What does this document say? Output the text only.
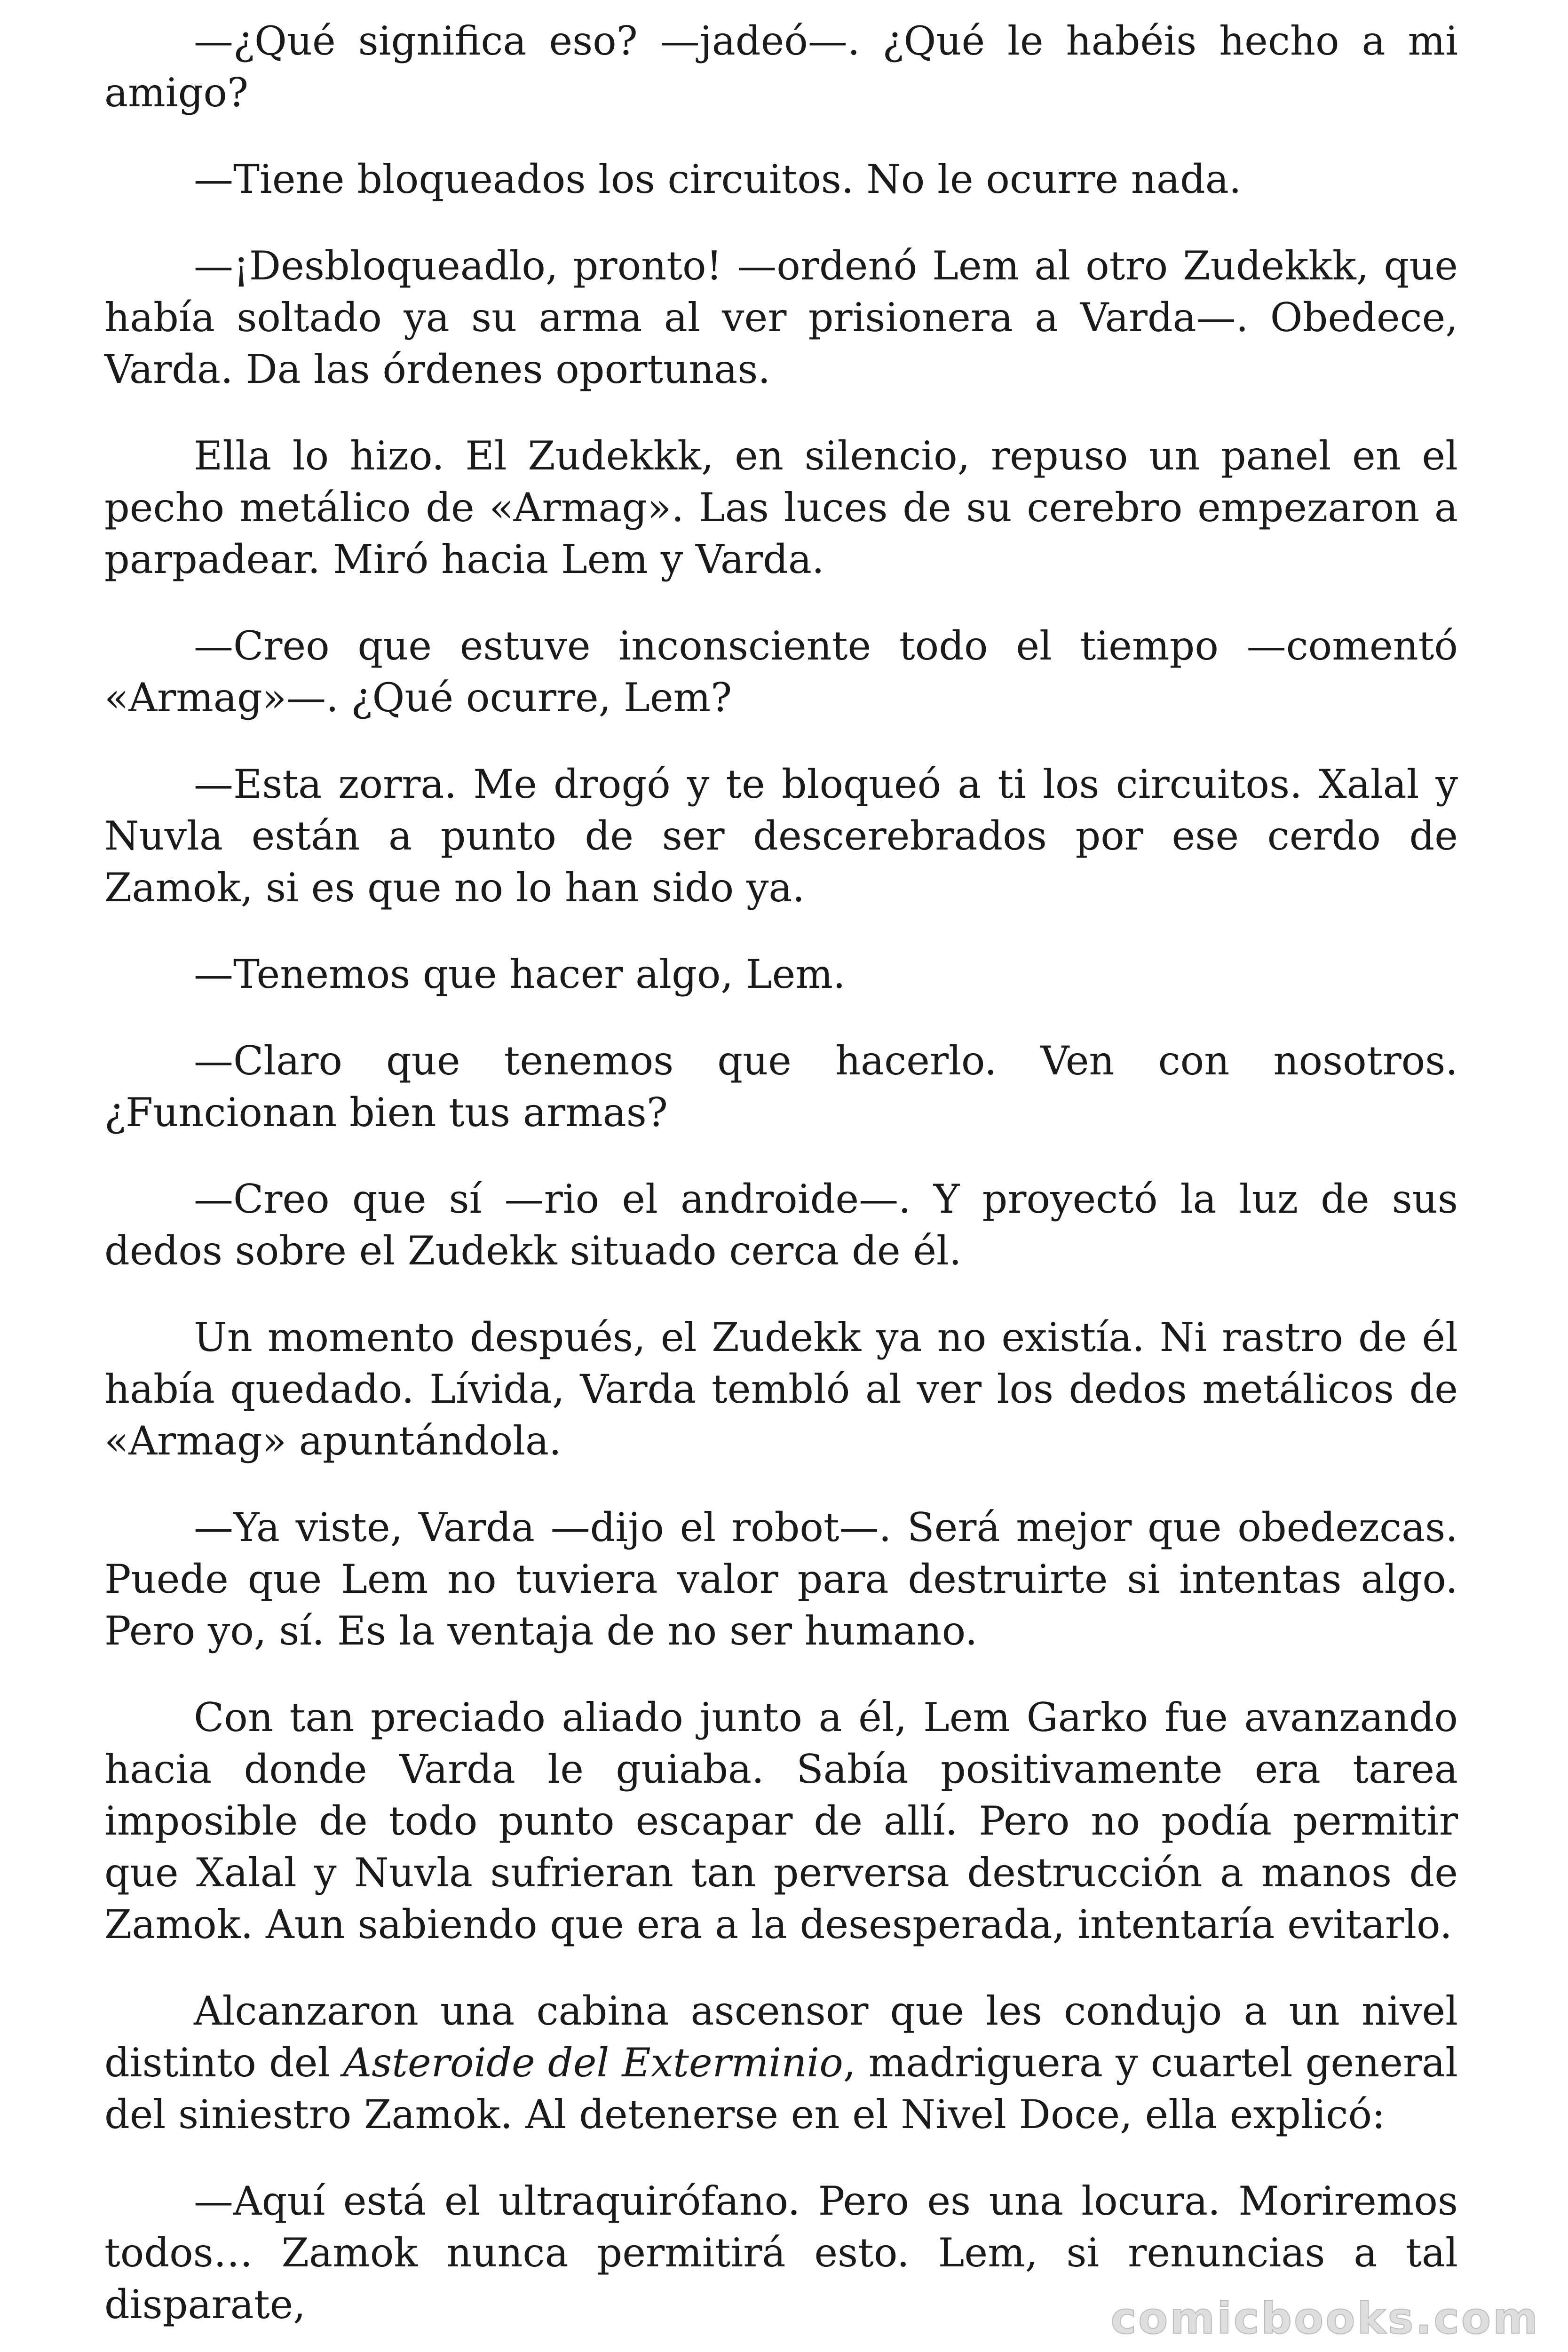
—¿Qué significa eso? —jadeó—. ¿Qué le habéis hecho a mi amigo?

—Tiene bloqueados los circuitos. No le ocurre nada.

—¡Desbloqueadlo, pronto! —ordenó Lem al otro Zudekkk, que había soltado ya su arma al ver prisionera a Varda—. Obedece, Varda. Da las órdenes oportunas.

Ella lo hizo. El Zudekkk, en silencio, repuso un panel en el pecho metálico de «Armag». Las luces de su cerebro empezaron a parpadear. Miró hacia Lem y Varda.

—Creo que estuve inconsciente todo el tiempo —comentó «Armag»—. ¿Qué ocurre, Lem?

—Esta zorra. Me drogó y te bloqueó a ti los circuitos. Xalal y Nuvla están a punto de ser descerebrados por ese cerdo de Zamok, si es que no lo han sido ya.

—Tenemos que hacer algo, Lem.

—Claro que tenemos que hacerlo. Ven con nosotros. ¿Funcionan bien tus armas?

—Creo que sí —rio el androide—. Y proyectó la luz de sus dedos sobre el Zudekk situado cerca de él.

Un momento después, el Zudekk ya no existía. Ni rastro de él había quedado. Lívida, Varda tembló al ver los dedos metálicos de «Armag» apuntándola.

—Ya viste, Varda —dijo el robot—. Será mejor que obedezcas. Puede que Lem no tuviera valor para destruirte si intentas algo. Pero yo, sí. Es la ventaja de no ser humano.

Con tan preciado aliado junto a él, Lem Garko fue avanzando hacia donde Varda le guiaba. Sabía positivamente era tarea imposible de todo punto escapar de allí. Pero no podía permitir que Xalal y Nuvla sufrieran tan perversa destrucción a manos de Zamok. Aun sabiendo que era a la desesperada, intentaría evitarlo.

Alcanzaron una cabina ascensor que les condujo a un nivel distinto del Asteroide del Exterminio, madriguera y cuartel general del siniestro Zamok. Al detenerse en el Nivel Doce, ella explicó:

—Aquí está el ultraquirófano. Pero es una locura. Moriremos todos… Zamok nunca permitirá esto. Lem, si renuncias a tal disparate,	comicbooks.com
